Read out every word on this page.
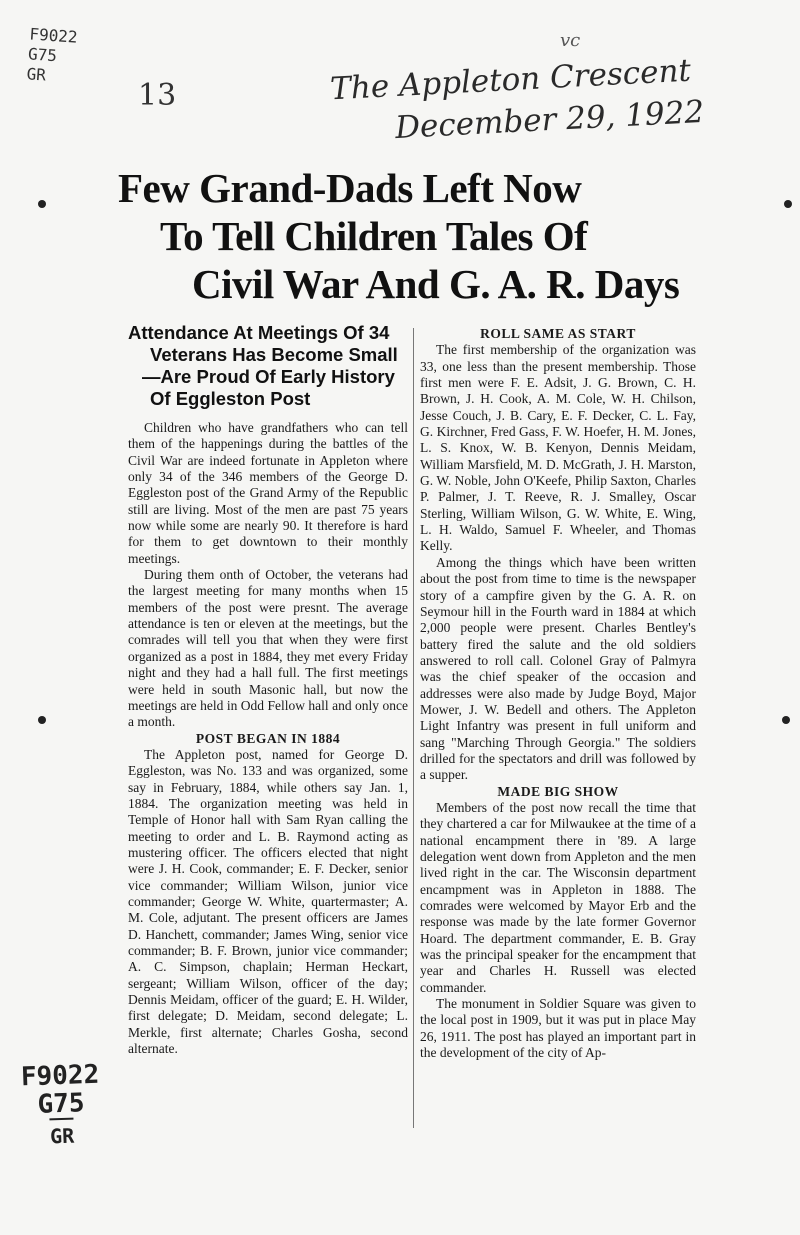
F9022
G75
GR
13
vc
The Appleton Crescent
December 29, 1922
Few Grand-Dads Left Now
To Tell Children Tales Of
Civil War And G. A. R. Days
Attendance At Meetings Of 34
Veterans Has Become Small
—Are Proud Of Early History
Of Eggleston Post

Children who have grandfathers who can tell them of the happenings during the battles of the Civil War are indeed fortunate in Appleton where only 34 of the 346 members of the George D. Eggleston post of the Grand Army of the Republic still are living. Most of the men are past 75 years now while some are nearly 90. It therefore is hard for them to get downtown to their monthly meetings.

During them onth of October, the veterans had the largest meeting for many months when 15 members of the post were presnt. The average attendance is ten or eleven at the meetings, but the comrades will tell you that when they were first organized as a post in 1884, they met every Friday night and they had a hall full. The first meetings were held in south Masonic hall, but now the meetings are held in Odd Fellow hall and only once a month.

POST BEGAN IN 1884

The Appleton post, named for George D. Eggleston, was No. 133 and was organized, some say in February, 1884, while others say Jan. 1, 1884. The organization meeting was held in Temple of Honor hall with Sam Ryan calling the meeting to order and L. B. Raymond acting as mustering officer. The officers elected that night were J. H. Cook, commander; E. F. Decker, senior vice commander; William Wilson, junior vice commander; George W. White, quartermaster; A. M. Cole, adjutant. The present officers are James D. Hanchett, commander; James Wing, senior vice commander; B. F. Brown, junior vice commander; A. C. Simpson, chaplain; Herman Heckart, sergeant; William Wilson, officer of the day; Dennis Meidam, officer of the guard; E. H. Wilder, first delegate; D. Meidam, second delegate; L. Merkle, first alternate; Charles Gosha, second alternate.

ROLL SAME AS START

The first membership of the organization was 33, one less than the present membership. Those first men were F. E. Adsit, J. G. Brown, C. H. Brown, J. H. Cook, A. M. Cole, W. H. Chilson, Jesse Couch, J. B. Cary, E. F. Decker, C. L. Fay, G. Kirchner, Fred Gass, F. W. Hoefer, H. M. Jones, L. S. Knox, W. B. Kenyon, Dennis Meidam, William Marsfield, M. D. McGrath, J. H. Marston, G. W. Noble, John O'Keefe, Philip Saxton, Charles P. Palmer, J. T. Reeve, R. J. Smalley, Oscar Sterling, William Wilson, G. W. White, E. Wing, L. H. Waldo, Samuel F. Wheeler, and Thomas Kelly.

Among the things which have been written about the post from time to time is the newspaper story of a campfire given by the G. A. R. on Seymour hill in the Fourth ward in 1884 at which 2,000 people were present. Charles Bentley's battery fired the salute and the old soldiers answered to roll call. Colonel Gray of Palmyra was the chief speaker of the occasion and addresses were also made by Judge Boyd, Major Mower, J. W. Bedell and others. The Appleton Light Infantry was present in full uniform and sang "Marching Through Georgia." The soldiers drilled for the spectators and drill was followed by a supper.

MADE BIG SHOW

Members of the post now recall the time that they chartered a car for Milwaukee at the time of a national encampment there in '89. A large delegation went down from Appleton and the men lived right in the car. The Wisconsin department encampment was in Appleton in 1888. The comrades were welcomed by Mayor Erb and the response was made by the late former Governor Hoard. The department commander, E. B. Gray was the principal speaker for the encampment that year and Charles H. Russell was elected commander.

The monument in Soldier Square was given to the local post in 1909, but it was put in place May 26, 1911. The post has played an important part in the development of the city of Ap-

F9022
G75
GR
